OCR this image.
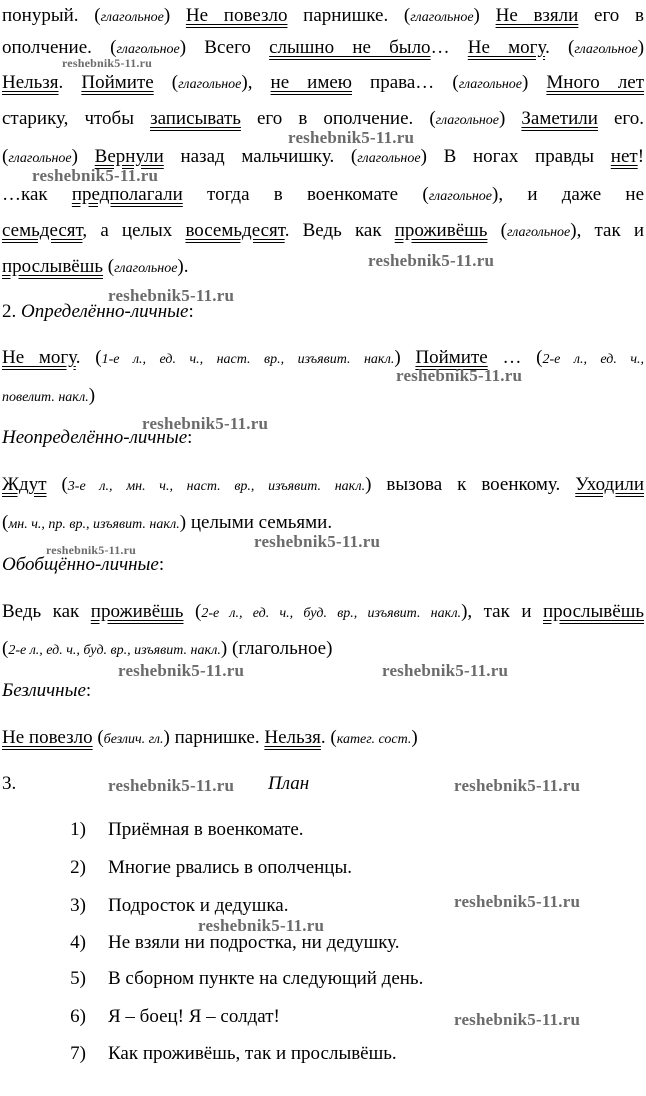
понурый. (глагольное) Не повезло парнишке. (глагольное) Не взяли его в
ополчение. (глагольное) Всего слышно не было… Не могу. (глагольное)
Нельзя. Поймите (глагольное), не имею права… (глагольное) Много лет
старику, чтобы записывать его в ополчение. (глагольное) Заметили его.
(глагольное) Вернули назад мальчишку. (глагольное) В ногах правды нет!
…как предполагали тогда в военкомате (глагольное), и даже не
семьдесят, а целых восемьдесят. Ведь как проживёшь (глагольное), так и
прослывёшь (глагольное).
2. Определённо-личные:
Не могу. (1-е л., ед. ч., наст. вр., изъявит. накл.) Поймите … (2-е л., ед. ч.,
повелит. накл.)
Неопределённо-личные:
Ждут (3-е л., мн. ч., наст. вр., изъявит. накл.) вызова к военкому. Уходили
(мн. ч., пр. вр., изъявит. накл.) целыми семьями.
Обобщённо-личные:
Ведь как проживёшь (2-е л., ед. ч., буд. вр., изъявит. накл.), так и прослывёшь
(2-е л., ед. ч., буд. вр., изъявит. накл.) (глагольное)
Безличные:
Не повезло (безлич. гл.) парнишке. Нельзя. (катег. сост.)
3.	План
1) Приёмная в военкомате.
2) Многие рвались в ополченцы.
3) Подросток и дедушка.
4) Не взяли ни подростка, ни дедушку.
5) В сборном пункте на следующий день.
6) Я – боец! Я – солдат!
7) Как проживёшь, так и прослывёшь.
reshebnik5-11.ru
reshebnik5-11.ru
reshebnik5-11.ru
reshebnik5-11.ru
reshebnik5-11.ru
reshebnik5-11.ru
reshebnik5-11.ru
reshebnik5-11.ru
reshebnik5-11.ru
reshebnik5-11.ru	reshebnik5-11.ru
reshebnik5-11.ru	reshebnik5-11.ru
reshebnik5-11.ru
reshebnik5-11.ru
reshebnik5-11.ru
